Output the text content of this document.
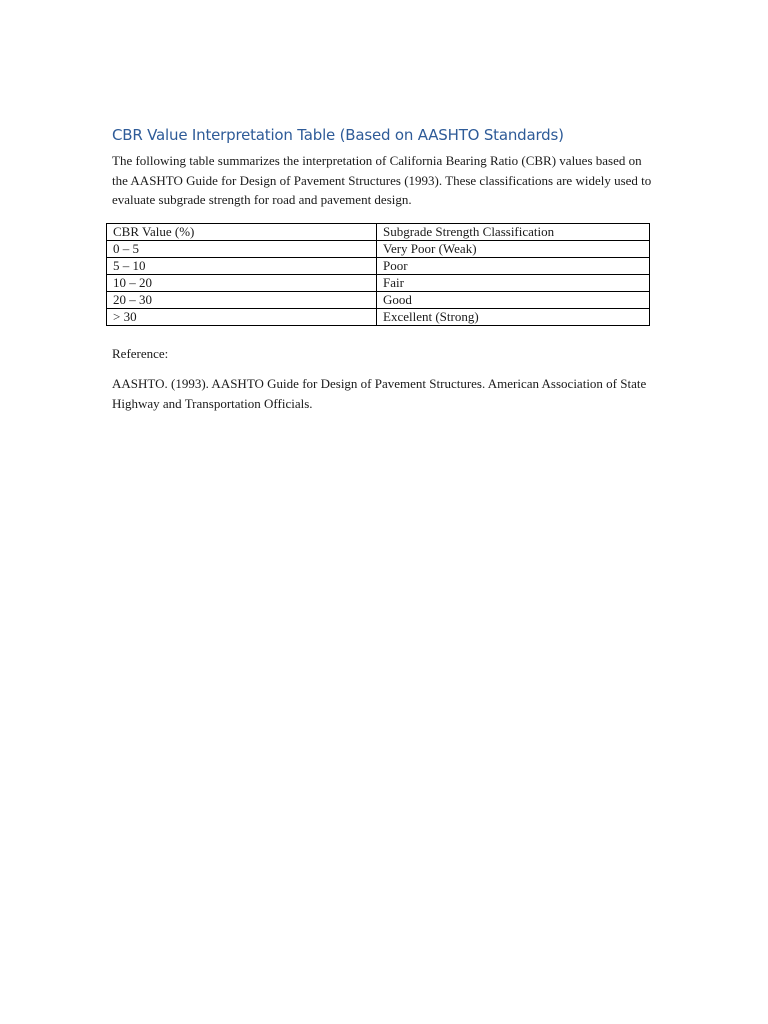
CBR Value Interpretation Table (Based on AASHTO Standards)

The following table summarizes the interpretation of California Bearing Ratio (CBR) values based on the AASHTO Guide for Design of Pavement Structures (1993). These classifications are widely used to evaluate subgrade strength for road and pavement design.

CBR Value (%)	Subgrade Strength Classification
0 – 5	Very Poor (Weak)
5 – 10	Poor
10 – 20	Fair
20 – 30	Good
> 30	Excellent (Strong)

Reference:

AASHTO. (1993). AASHTO Guide for Design of Pavement Structures. American Association of State Highway and Transportation Officials.
